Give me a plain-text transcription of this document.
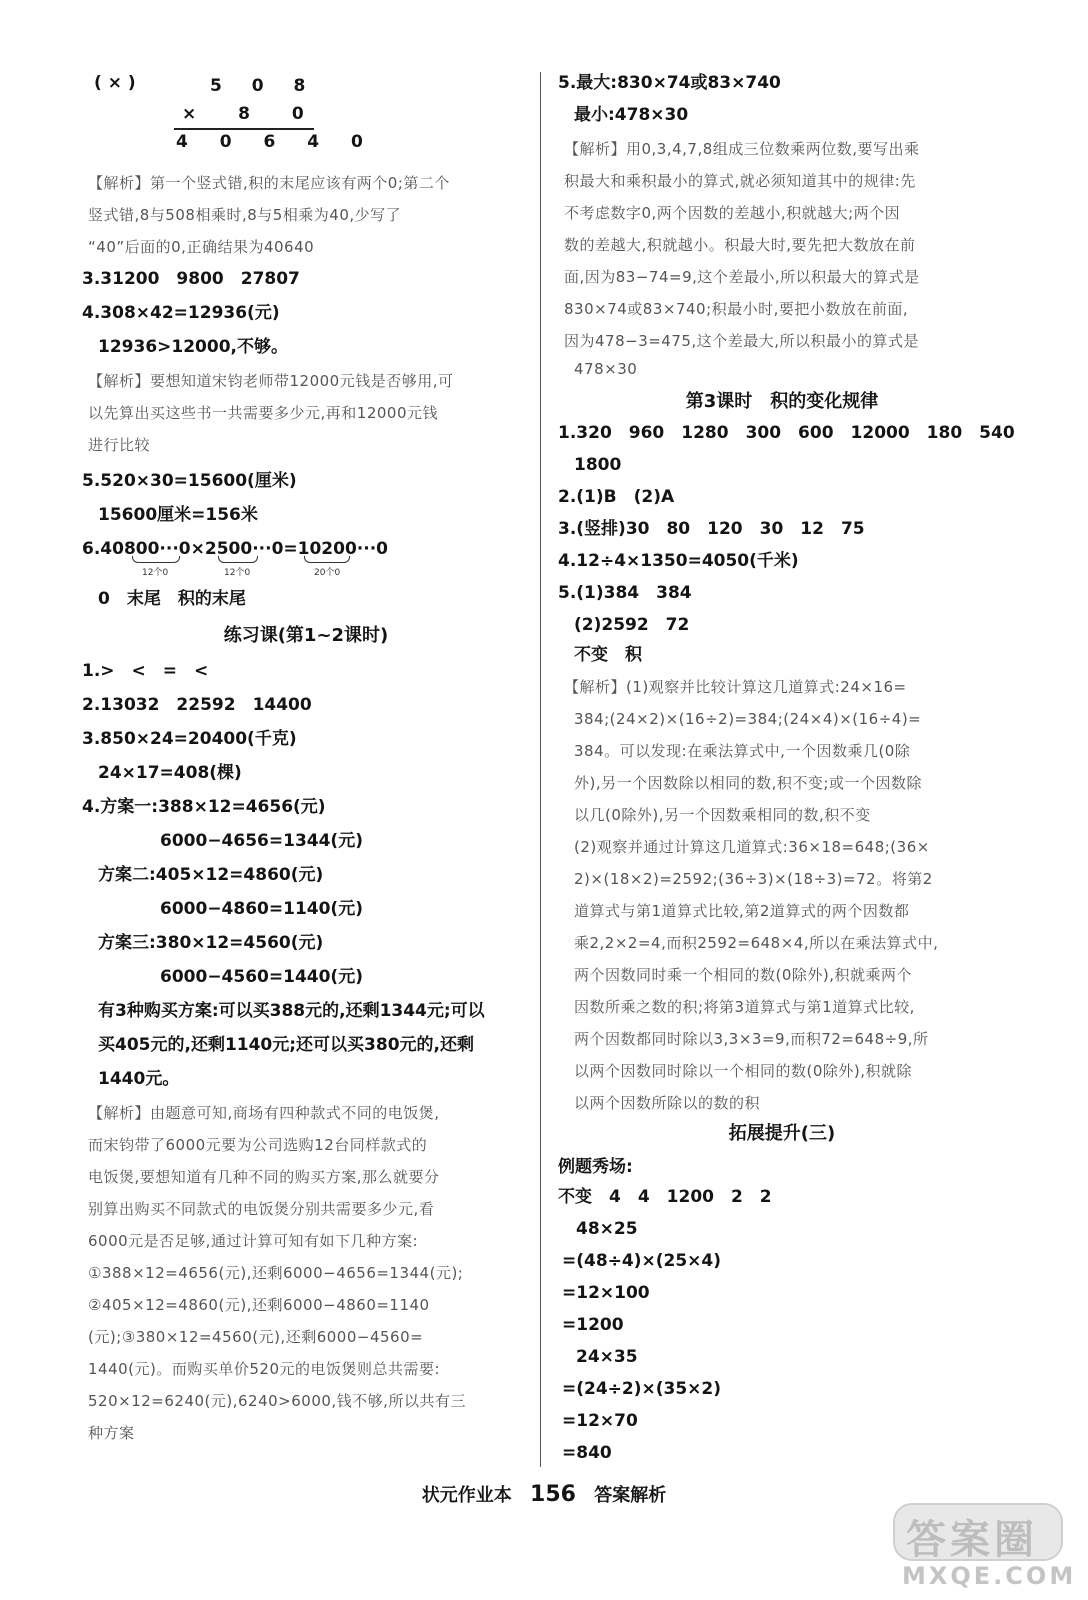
( × )	5 0 8
× 8 0
4 0 6 4 0
【解析】第一个竖式错,积的末尾应该有两个0;第二个
竖式错,8与508相乘时,8与5相乘为40,少写了
“40”后面的0,正确结果为40640
3.31200　9800　27807
4.308×42=12936(元)
12936>12000,不够。
【解析】要想知道宋钧老师带12000元钱是否够用,可
以先算出买这些书一共需要多少元,再和12000元钱
进行比较
5.520×30=15600(厘米)
15600厘米=156米
6.40800···0×2500···0=10200···0
12个0	12个0	20个0
0　末尾　积的末尾
练习课(第1~2课时)
1.>　<　=　<
2.13032　22592　14400
3.850×24=20400(千克)
24×17=408(棵)
4.方案一:388×12=4656(元)
6000−4656=1344(元)
方案二:405×12=4860(元)
6000−4860=1140(元)
方案三:380×12=4560(元)
6000−4560=1440(元)
有3种购买方案:可以买388元的,还剩1344元;可以
买405元的,还剩1140元;还可以买380元的,还剩
1440元。
【解析】由题意可知,商场有四种款式不同的电饭煲,
而宋钧带了6000元要为公司选购12台同样款式的
电饭煲,要想知道有几种不同的购买方案,那么就要分
别算出购买不同款式的电饭煲分别共需要多少元,看
6000元是否足够,通过计算可知有如下几种方案:
①388×12=4656(元),还剩6000−4656=1344(元);
②405×12=4860(元),还剩6000−4860=1140
(元);③380×12=4560(元),还剩6000−4560=
1440(元)。而购买单价520元的电饭煲则总共需要:
520×12=6240(元),6240>6000,钱不够,所以共有三
种方案
5.最大:830×74或83×740
最小:478×30
【解析】用0,3,4,7,8组成三位数乘两位数,要写出乘
积最大和乘积最小的算式,就必须知道其中的规律:先
不考虑数字0,两个因数的差越小,积就越大;两个因
数的差越大,积就越小。积最大时,要先把大数放在前
面,因为83−74=9,这个差最小,所以积最大的算式是
830×74或83×740;积最小时,要把小数放在前面,
因为478−3=475,这个差最大,所以积最小的算式是
478×30
第3课时　积的变化规律
1.320　960　1280　300　600　12000　180　540
1800
2.(1)B　(2)A
3.(竖排)30　80　120　30　12　75
4.12÷4×1350=4050(千米)
5.(1)384　384
(2)2592　72
不变　积
【解析】(1)观察并比较计算这几道算式:24×16=
384;(24×2)×(16÷2)=384;(24×4)×(16÷4)=
384。可以发现:在乘法算式中,一个因数乘几(0除
外),另一个因数除以相同的数,积不变;或一个因数除
以几(0除外),另一个因数乘相同的数,积不变
(2)观察并通过计算这几道算式:36×18=648;(36×
2)×(18×2)=2592;(36÷3)×(18÷3)=72。将第2
道算式与第1道算式比较,第2道算式的两个因数都
乘2,2×2=4,而积2592=648×4,所以在乘法算式中,
两个因数同时乘一个相同的数(0除外),积就乘两个
因数所乘之数的积;将第3道算式与第1道算式比较,
两个因数都同时除以3,3×3=9,而积72=648÷9,所
以两个因数同时除以一个相同的数(0除外),积就除
以两个因数所除以的数的积
拓展提升(三)
例题秀场:
不变　4　4　1200　2　2
48×25
=(48÷4)×(25×4)
=12×100
=1200
24×35
=(24÷2)×(35×2)
=12×70
=840
状元作业本 156 答案解析
答案圈
MXQE.COM
